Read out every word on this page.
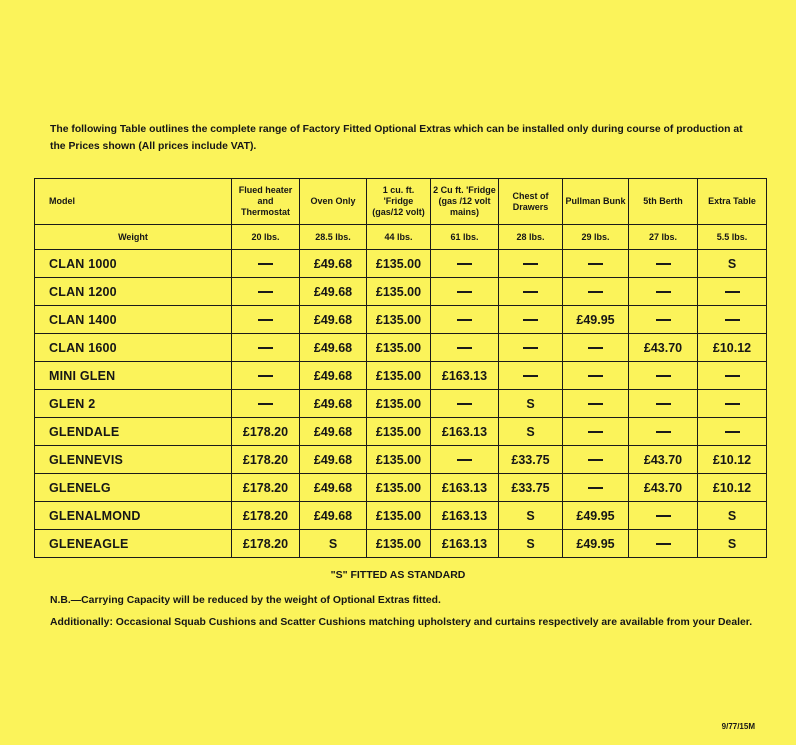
The following Table outlines the complete range of Factory Fitted Optional Extras which can be installed only during course of production at the Prices shown (All prices include VAT).
Model	Flued heater and Thermostat	Oven Only	1 cu. ft. 'Fridge (gas/12 volt)	2 Cu ft. 'Fridge (gas /12 volt mains)	Chest of Drawers	Pullman Bunk	5th Berth	Extra Table
Weight	20 lbs.	28.5 lbs.	44 lbs.	61 lbs.	28 lbs.	29 lbs.	27 lbs.	5.5 lbs.
CLAN 1000		£49.68	£135.00					S
CLAN 1200		£49.68	£135.00					
CLAN 1400		£49.68	£135.00			£49.95		
CLAN 1600		£49.68	£135.00				£43.70	£10.12
MINI GLEN		£49.68	£135.00	£163.13				
GLEN 2		£49.68	£135.00		S			
GLENDALE	£178.20	£49.68	£135.00	£163.13	S			
GLENNEVIS	£178.20	£49.68	£135.00		£33.75		£43.70	£10.12
GLENELG	£178.20	£49.68	£135.00	£163.13	£33.75		£43.70	£10.12
GLENALMOND	£178.20	£49.68	£135.00	£163.13	S	£49.95		S
GLENEAGLE	£178.20	S	£135.00	£163.13	S	£49.95		S
"S" FITTED AS STANDARD
N.B.—Carrying Capacity will be reduced by the weight of Optional Extras fitted.
Additionally: Occasional Squab Cushions and Scatter Cushions matching upholstery and curtains respectively are available from your Dealer.
9/77/15M
